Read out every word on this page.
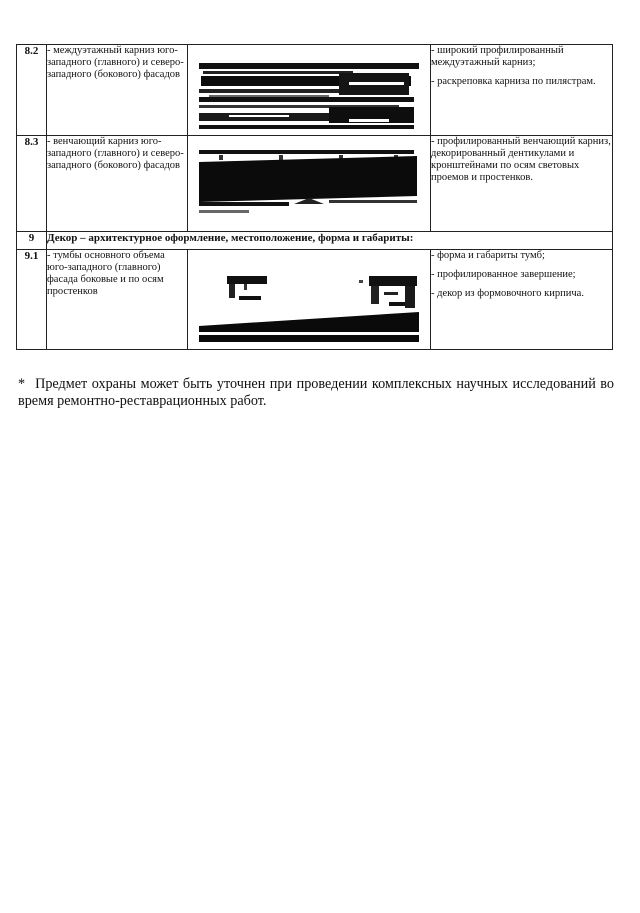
8.2	- междуэтажный карниз юго-западного (главного) и северо-западного (бокового) фасадов		- широкий профилированный междуэтажный карниз;

- раскреповка карниза по пилястрам.

8.3	- венчающий карниз юго-западного (главного) и северо-западного (бокового) фасадов		- профилированный венчающий карниз, декорированный дентикулами и кронштейнами по осям световых проемов и простенков.

9	Декор – архитектурное оформление, местоположение, форма и габариты:		
9.1	- тумбы основного объема юго-западного (главного) фасада боковые и по осям простенков		- форма и габариты тумб;

- профилированное завершение;

- декор из формовочного кирпича.

* Предмет охраны может быть уточнен при проведении комплексных научных исследований во время ремонтно-реставрационных работ.
